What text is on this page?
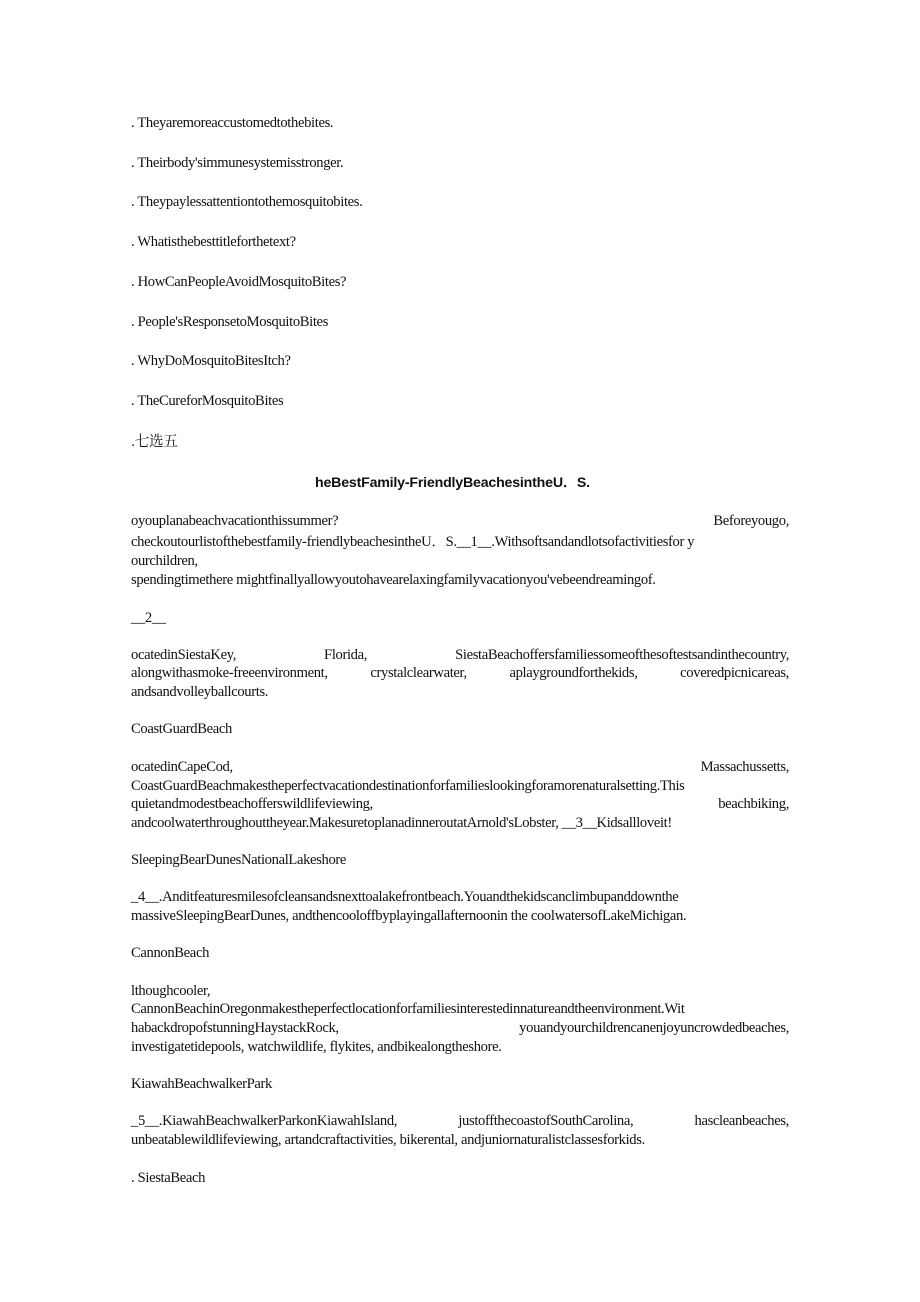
. Theyaremoreaccustomedtothebites.
. Theirbody'simmunesystemisstronger.
. Theypaylessattentiontothemosquitobites.
. Whatisthebesttitleforthetext?
. HowCanPeopleAvoidMosquitoBites?
. People'sResponsetoMosquitoBites
. WhyDoMosquitoBitesItch?
. TheCureforMosquitoBites
.七选五
heBestFamily-FriendlyBeachesintheU．S.
oyouplanabeachvacationthissummer?	Beforeyougo,
checkoutourlistofthebestfamily-friendlybeachesintheU．S.__1__.Withsoftsandandlotsofactivitiesfor y
ourchildren,
spendingtimethere mightfinallyallowyoutohavearelaxingfamilyvacationyou'vebeendreamingof.
__2__
ocatedinSiestaKey,	Florida,	SiestaBeachoffersfamiliessomeofthesoftestsandinthecountry,
alongwithasmoke-freeenvironment,	crystalclearwater,	aplaygroundforthekids,	coveredpicnicareas,
andsandvolleyballcourts.
CoastGuardBeach
ocatedinCapeCod,	Massachussetts,
CoastGuardBeachmakestheperfectvacationdestinationforfamilieslookingforamorenaturalsetting.This
quietandmodestbeachofferswildlifeviewing,	beachbiking,
andcoolwaterthroughouttheyear.MakesuretoplanadinneroutatArnold'sLobster, __3__Kidsallloveit!
SleepingBearDunesNationalLakeshore
_4__.Anditfeaturesmilesofcleansandsnexttoalakefrontbeach.Youandthekidscanclimbupanddownthe
massiveSleepingBearDunes, andthencooloffbyplayingallafternoonin the coolwatersofLakeMichigan.
CannonBeach
lthoughcooler,
CannonBeachinOregonmakestheperfectlocationforfamiliesinterestedinnatureandtheenvironment.Wit
habackdropofstunningHaystackRock,	youandyourchildrencanenjoyuncrowdedbeaches,
investigatetidepools, watchwildlife, flykites, andbikealongtheshore.
KiawahBeachwalkerPark
_5__.KiawahBeachwalkerParkonKiawahIsland,	justoffthecoastofSouthCarolina,	hascleanbeaches,
unbeatablewildlifeviewing, artandcraftactivities, bikerental, andjuniornaturalistclassesforkids.
. SiestaBeach
